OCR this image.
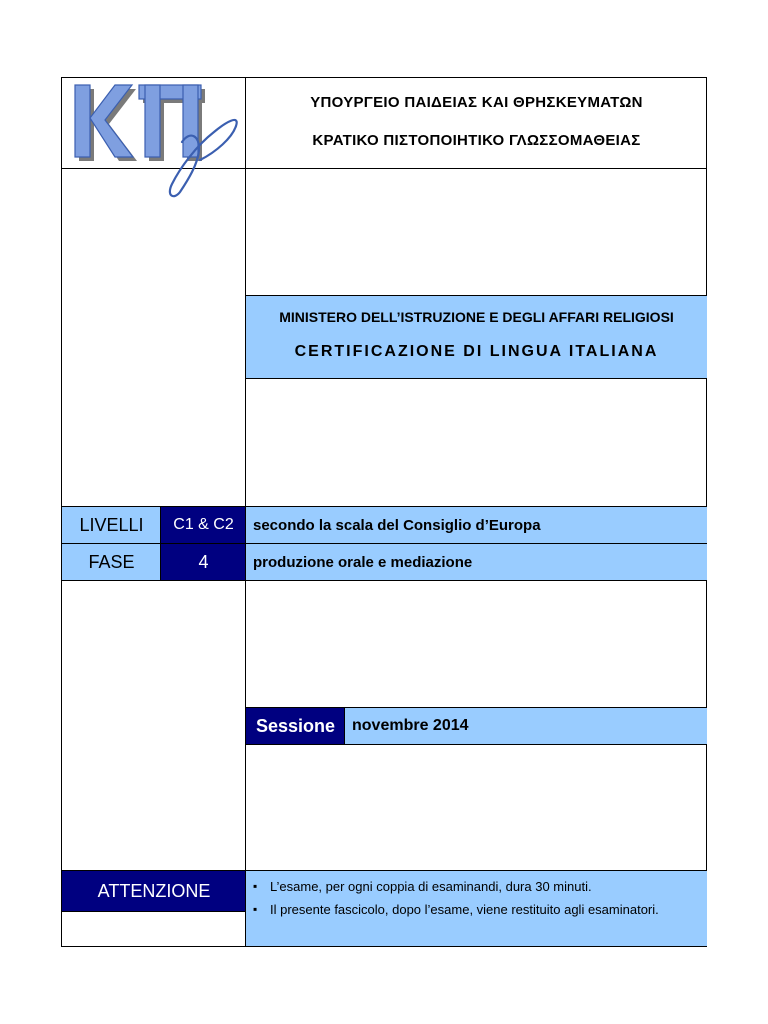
LIVELLI C1 & C2 secondo la scala del Consiglio d’Europa
FASE	4	produzione orale e mediazione
Sessione novembre 2014
ATTENZIONE
▪	L’esame, per ogni coppia di esaminandi, dura 30 minuti.
▪ Il presente fascicolo, dopo l’esame, viene restituito agli esaminatori.
ΥΠΟΥΡΓΕΙΟ ΠΑΙΔΕΙΑΣ ΚΑΙ ΘΡΗΣΚΕΥΜΑΤΩΝ
ΚΡΑΤΙΚΟ ΠΙΣΤΟΠΟΙΗΤΙΚΟ ΓΛΩΣΣΟΜΑΘΕΙΑΣ
MINISTERO DELL’ISTRUZIONE E DEGLI AFFARI RELIGIOSI
CERTIFICAZIONE DI LINGUA ITALIANA
